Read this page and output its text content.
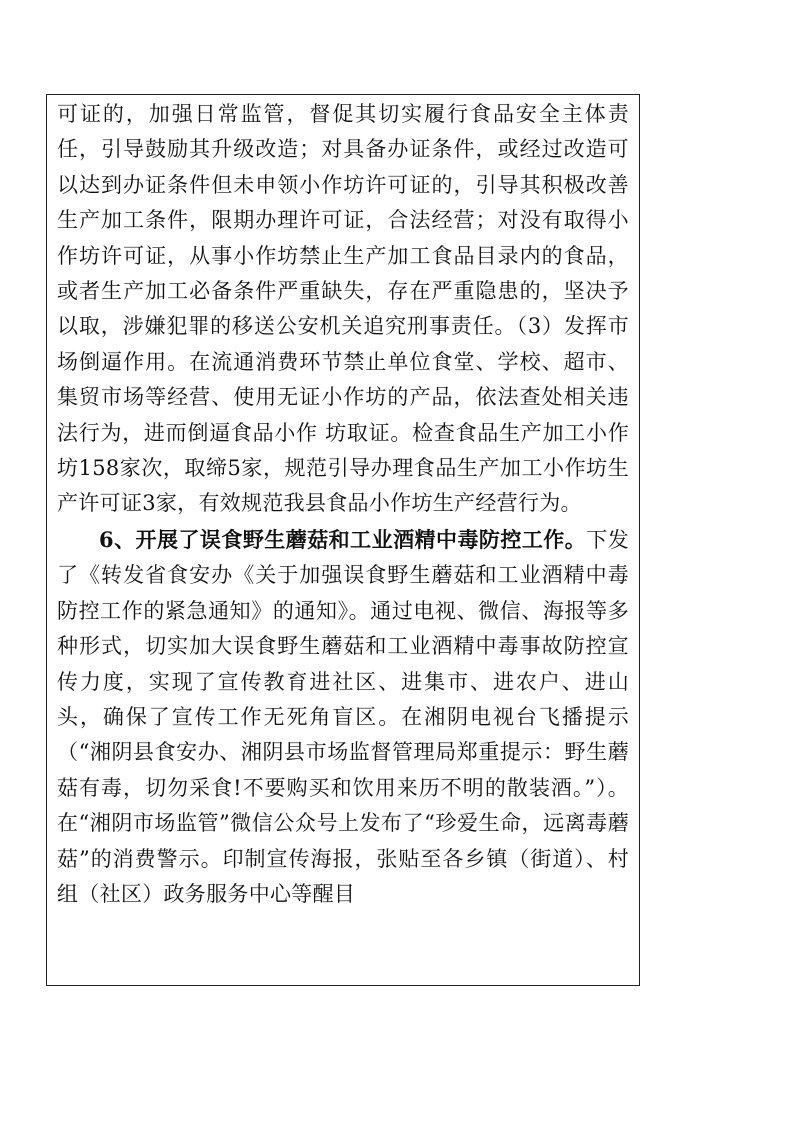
可证的，加强日常监管，督促其切实履行食品安全主体责任，引导鼓励其升级改造；对具备办证条件，或经过改造可以达到办证条件但未申领小作坊许可证的，引导其积极改善生产加工条件，限期办理许可证，合法经营；对没有取得小作坊许可证，从事小作坊禁止生产加工食品目录内的食品，或者生产加工必备条件严重缺失，存在严重隐患的，坚决予以取，涉嫌犯罪的移送公安机关追究刑事责任。（3）发挥市场倒逼作用。在流通消费环节禁止单位食堂、学校、超市、集贸市场等经营、使用无证小作坊的产品，依法查处相关违法行为，进而倒逼食品小作 坊取证。检查食品生产加工小作坊158家次，取缔5家，规范引导办理食品生产加工小作坊生产许可证3家，有效规范我县食品小作坊生产经营行为。

6、开展了误食野生蘑菇和工业酒精中毒防控工作。下发了《转发省食安办《关于加强误食野生蘑菇和工业酒精中毒防控工作的紧急通知》的通知》。通过电视、微信、海报等多种形式，切实加大误食野生蘑菇和工业酒精中毒事故防控宣传力度，实现了宣传教育进社区、进集市、进农户、进山头，确保了宣传工作无死角盲区。在湘阴电视台飞播提示（“湘阴县食安办、湘阴县市场监督管理局郑重提示：野生蘑菇有毒，切勿采食!不要购买和饮用来历不明的散装酒。”）。在“湘阴市场监管”微信公众号上发布了“珍爱生命，远离毒蘑菇”的消费警示。印制宣传海报，张贴至各乡镇（街道）、村组（社区）政务服务中心等醒目
